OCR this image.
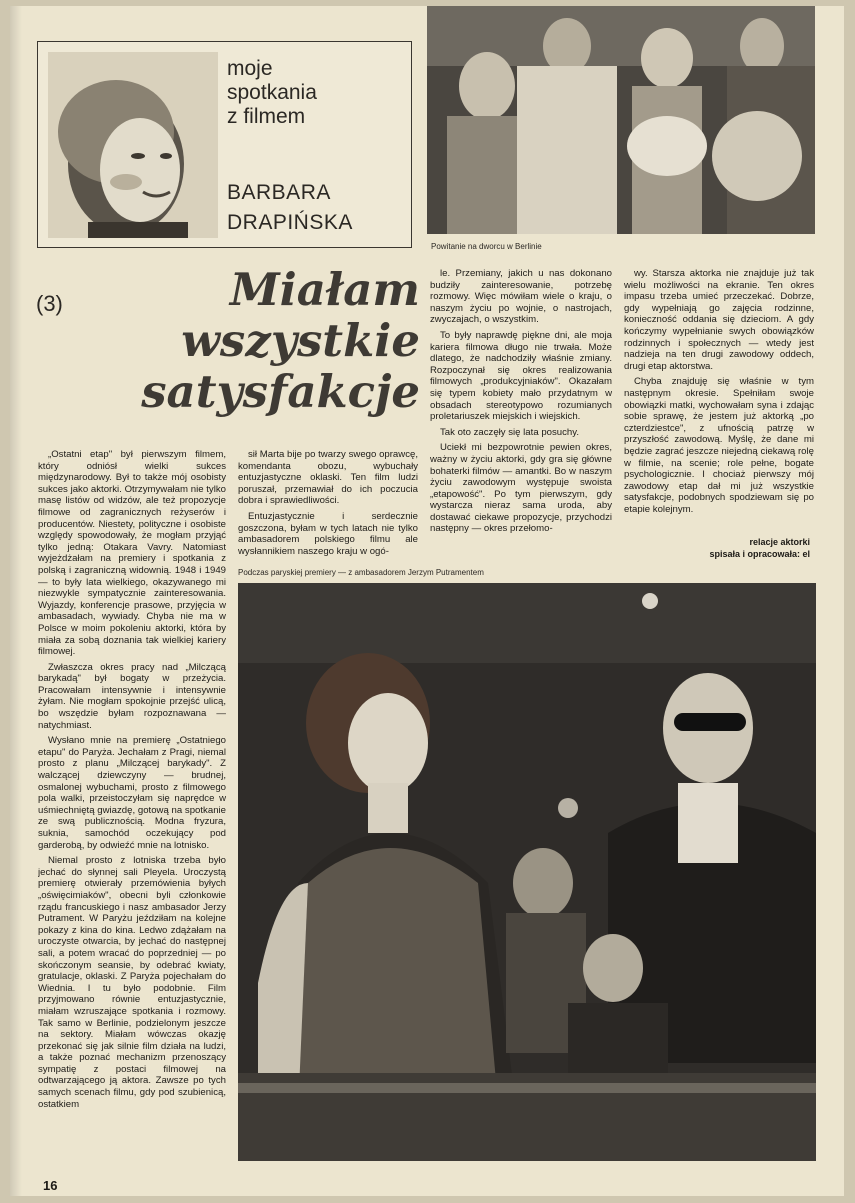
moje
spotkania
z filmem
BARBARA
DRAPIŃSKA
Powitanie na dworcu w Berlinie
(3)	Miałam
wszystkie
satysfakcje

„Ostatni etap" był pierwszym filmem, który odniósł wielki sukces międzynarodowy. Był to także mój osobisty sukces jako aktorki. Otrzymywałam nie tylko masę listów od widzów, ale też propozycje filmowe od zagranicznych reżyserów i producentów. Niestety, polityczne i osobiste względy spowodowały, że mogłam przyjąć tylko jedną: Otakara Vavry. Natomiast wyjeżdżałam na premiery i spotkania z polską i zagraniczną widownią. 1948 i 1949 — to były lata wielkiego, okazywanego mi niezwykle sympatycznie zainteresowania. Wyjazdy, konferencje prasowe, przyjęcia w ambasadach, wywiady. Chyba nie ma w Polsce w moim pokoleniu aktorki, która by miała za sobą doznania tak wielkiej kariery filmowej.

Zwłaszcza okres pracy nad „Milczącą barykadą" był bogaty w przeżycia. Pracowałam intensywnie i intensywnie żyłam. Nie mogłam spokojnie przejść ulicą, bo wszędzie byłam rozpoznawana — natychmiast.

Wysłano mnie na premierę „Ostatniego etapu" do Paryża. Jechałam z Pragi, niemal prosto z planu „Milczącej barykady". Z walczącej dziewczyny — brudnej, osmalonej wybuchami, prosto z filmowego pola walki, przeistoczyłam się naprędce w uśmiechniętą gwiazdę, gotową na spotkanie ze swą publicznością. Modna fryzura, suknia, samochód oczekujący pod garderobą, by odwieźć mnie na lotnisko.

Niemal prosto z lotniska trzeba było jechać do słynnej sali Pleyela. Uroczystą premierę otwierały przemówienia byłych „oświęcimiaków", obecni byli członkowie rządu francuskiego i nasz ambasador Jerzy Putrament. W Paryżu jeździłam na kolejne pokazy z kina do kina. Ledwo zdążałam na uroczyste otwarcia, by jechać do następnej sali, a potem wracać do poprzedniej — po skończonym seansie, by odebrać kwiaty, gratulacje, oklaski. Z Paryża pojechałam do Wiednia. I tu było podobnie. Film przyjmowano równie entuzjastycznie, miałam wzruszające spotkania i rozmowy. Tak samo w Berlinie, podzielonym jeszcze na sektory. Miałam wówczas okazję przekonać się jak silnie film działa na ludzi, a także poznać mechanizm przenoszący sympatię z postaci filmowej na odtwarzającego ją aktora. Zawsze po tych samych scenach filmu, gdy pod szubienicą, ostatkiem

sił Marta bije po twarzy swego oprawcę, komendanta obozu, wybuchały entuzjastyczne oklaski. Ten film ludzi poruszał, przemawiał do ich poczucia dobra i sprawiedliwości.

Entuzjastycznie i serdecznie goszczona, byłam w tych latach nie tylko ambasadorem polskiego filmu ale wysłannikiem naszego kraju w ogó-

le. Przemiany, jakich u nas dokonano budziły zainteresowanie, potrzebę rozmowy. Więc mówiłam wiele o kraju, o naszym życiu po wojnie, o nastrojach, zwyczajach, o wszystkim.

To były naprawdę piękne dni, ale moja kariera filmowa długo nie trwała. Może dlatego, że nadchodziły właśnie zmiany. Rozpoczynał się okres realizowania filmowych „produkcyjniaków". Okazałam się typem kobiety mało przydatnym w obsadach stereotypowo rozumianych proletariuszek miejskich i wiejskich.

Tak oto zaczęły się lata posuchy.

Uciekł mi bezpowrotnie pewien okres, ważny w życiu aktorki, gdy gra się główne bohaterki filmów — amantki. Bo w naszym życiu zawodowym występuje swoista „etapowość". Po tym pierwszym, gdy wystarcza nieraz sama uroda, aby dostawać ciekawe propozycje, przychodzi następny — okres przełomo-

wy. Starsza aktorka nie znajduje już tak wielu możliwości na ekranie. Ten okres impasu trzeba umieć przeczekać. Dobrze, gdy wypełniają go zajęcia rodzinne, konieczność oddania się dzieciom. A gdy kończymy wypełnianie swych obowiązków rodzinnych i społecznych — wtedy jest nadzieja na ten drugi zawodowy oddech, drugi etap aktorstwa.

Chyba znajduję się właśnie w tym następnym okresie. Spełniłam swoje obowiązki matki, wychowałam syna i zdając sobie sprawę, że jestem już aktorką „po czterdziestce", z ufnością patrzę w przyszłość zawodową. Myślę, że dane mi będzie zagrać jeszcze niejedną ciekawą rolę w filmie, na scenie; role pełne, bogate psychologicznie. I chociaż pierwszy mój zawodowy etap dał mi już wszystkie satysfakcje, podobnych spodziewam się po etapie kolejnym.

relacje aktorki
spisała i opracowała: el
Podczas paryskiej premiery — z ambasadorem Jerzym Putramentem
16
